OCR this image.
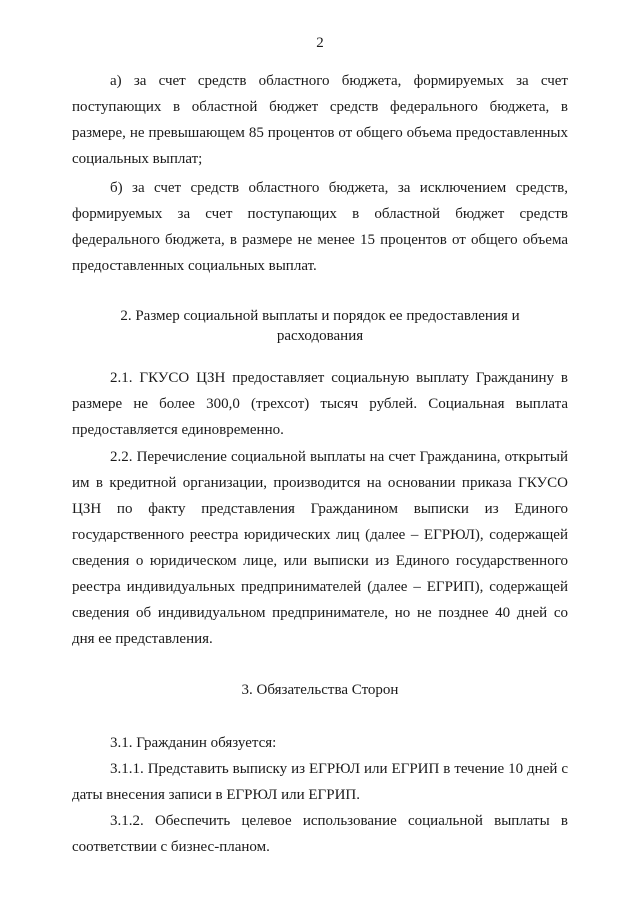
2

а) за счет средств областного бюджета, формируемых за счет поступающих в областной бюджет средств федерального бюджета, в размере, не превышающем 85 процентов от общего объема предоставленных социальных выплат;

б) за счет средств областного бюджета, за исключением средств, формируемых за счет поступающих в областной бюджет средств федерального бюджета, в размере не менее 15 процентов от общего объема предоставленных социальных выплат.

2. Размер социальной выплаты и порядок ее предоставления и
расходования

2.1. ГКУСО ЦЗН предоставляет социальную выплату Гражданину в размере не более 300,0 (трехсот) тысяч рублей. Социальная выплата предоставляется единовременно.

2.2. Перечисление социальной выплаты на счет Гражданина, открытый им в кредитной организации, производится на основании приказа ГКУСО ЦЗН по факту представления Гражданином выписки из Единого государственного реестра юридических лиц (далее – ЕГРЮЛ), содержащей сведения о юридическом лице, или выписки из Единого государственного реестра индивидуальных предпринимателей (далее – ЕГРИП), содержащей сведения об индивидуальном предпринимателе, но не позднее 40 дней со дня ее представления.

3. Обязательства Сторон

3.1. Гражданин обязуется:

3.1.1. Представить выписку из ЕГРЮЛ или ЕГРИП в течение 10 дней с даты внесения записи в ЕГРЮЛ или ЕГРИП.

3.1.2. Обеспечить целевое использование социальной выплаты в соответствии с бизнес-планом.
